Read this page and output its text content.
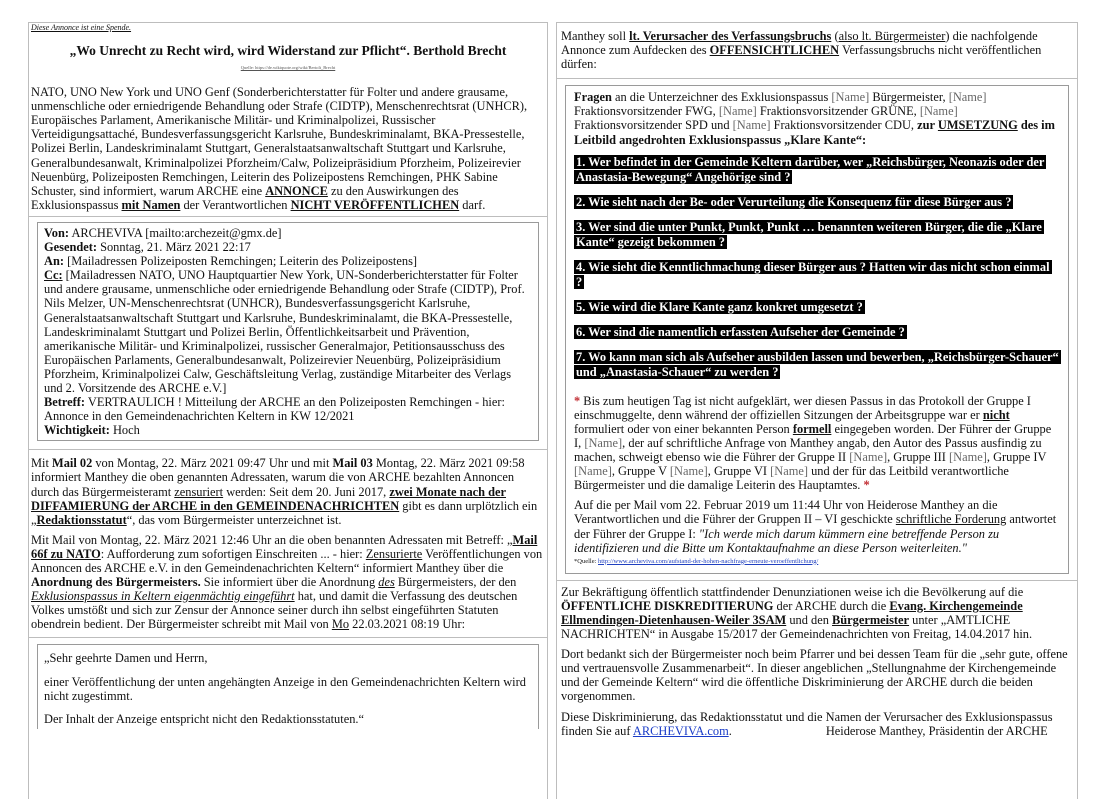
Diese Annonce ist eine Spende.
„Wo Unrecht zu Recht wird, wird Widerstand zur Pflicht“. Berthold Brecht
Quelle: https://de.wikiquote.org/wiki/Bertolt_Brecht

NATO, UNO New York und UNO Genf (Sonderberichterstatter für Folter und andere grausame, unmenschliche oder erniedrigende Behandlung oder Strafe (CIDTP), Menschenrechtsrat (UNHCR), Europäisches Parlament, Amerikanische Militär- und Kriminalpolizei, Russischer Verteidigungsattaché, Bundesverfassungsgericht Karlsruhe, Bundeskriminalamt, BKA-Pressestelle, Polizei Berlin, Landeskriminalamt Stuttgart, Generalstaatsanwaltschaft Stuttgart und Karlsruhe, Generalbundesanwalt, Kriminalpolizei Pforzheim/Calw, Polizeipräsidium Pforzheim, Polizeirevier Neuenbürg, Polizeiposten Remchingen, Leiterin des Polizeipostens Remchingen, PHK Sabine Schuster, sind informiert, warum ARCHE eine ANNONCE zu den Auswirkungen des Exklusionspassus mit Namen der Verantwortlichen NICHT VERÖFFENTLICHEN darf.

Von: ARCHEVIVA [mailto:archezeit@gmx.de]

Gesendet: Sonntag, 21. März 2021 22:17

An: [Mailadressen Polizeiposten Remchingen; Leiterin des Polizeipostens]

Cc: [Mailadressen NATO, UNO Hauptquartier New York, UN-Sonderberichterstatter für Folter und andere grausame, unmenschliche oder erniedrigende Behandlung oder Strafe (CIDTP), Prof. Nils Melzer, UN-Menschenrechtsrat (UNHCR), Bundesverfassungsgericht Karlsruhe, Generalstaatsanwaltschaft Stuttgart und Karlsruhe, Bundeskriminalamt, die BKA-Pressestelle, Landeskriminalamt Stuttgart und Polizei Berlin, Öffentlichkeitsarbeit und Prävention, amerikanische Militär- und Kriminalpolizei, russischer Generalmajor, Petitionsausschuss des Europäischen Parlaments, Generalbundesanwalt, Polizeirevier Neuenbürg, Polizeipräsidium Pforzheim, Kriminalpolizei Calw, Geschäftsleitung Verlag, zuständige Mitarbeiter des Verlags und 2. Vorsitzende des ARCHE e.V.]

Betreff: VERTRAULICH ! Mitteilung der ARCHE an den Polizeiposten Remchingen - hier: Annonce in den Gemeindenachrichten Keltern in KW 12/2021

Wichtigkeit: Hoch

Mit Mail 02 von Montag, 22. März 2021 09:47 Uhr und mit Mail 03 Montag, 22. März 2021 09:58 informiert Manthey die oben genannten Adressaten, warum die von ARCHE bezahlten Annoncen durch das Bürgermeisteramt zensuriert werden: Seit dem 20. Juni 2017, zwei Monate nach der DIFFAMIERUNG der ARCHE in den GEMEINDENACHRICHTEN gibt es dann urplötzlich ein „Redaktionsstatut“, das vom Bürgermeister unterzeichnet ist.

Mit Mail von Montag, 22. März 2021 12:46 Uhr an die oben benannten Adressaten mit Betreff: „Mail 66f zu NATO: Aufforderung zum sofortigen Einschreiten ... - hier: Zensurierte Veröffentlichungen von Annoncen des ARCHE e.V. in den Gemeindenachrichten Keltern“ informiert Manthey über die Anordnung des Bürgermeisters. Sie informiert über die Anordnung des Bürgermeisters, der den Exklusionspassus in Keltern eigenmächtig eingeführt hat, und damit die Verfassung des deutschen Volkes umstößt und sich zur Zensur der Annonce seiner durch ihn selbst eingeführten Statuten obendrein bedient. Der Bürgermeister schreibt mit Mail von Mo 22.03.2021 08:19 Uhr:

„Sehr geehrte Damen und Herrn,

einer Veröffentlichung der unten angehängten Anzeige in den Gemeindenachrichten Keltern wird nicht zugestimmt.

Der Inhalt der Anzeige entspricht nicht den Redaktionsstatuten.“

Manthey soll lt. Verursacher des Verfassungsbruchs (also lt. Bürgermeister) die nachfolgende Annonce zum Aufdecken des OFFENSICHTLICHEN Verfassungsbruchs nicht veröffentlichen dürfen:

Fragen an die Unterzeichner des Exklusionspassus [Name] Bürgermeister, [Name] Fraktionsvorsitzender FWG, [Name] Fraktionsvorsitzender GRÜNE, [Name] Fraktionsvorsitzender SPD und [Name] Fraktionsvorsitzender CDU, zur UMSETZUNG des im Leitbild angedrohten Exklusionspassus „Klare Kante“:

1. Wer befindet in der Gemeinde Keltern darüber, wer „Reichsbürger, Neonazis oder der Anastasia-Bewegung“ Angehörige sind ?

2. Wie sieht nach der Be- oder Verurteilung die Konsequenz für diese Bürger aus ?

3. Wer sind die unter Punkt, Punkt, Punkt … benannten weiteren Bürger, die die „Klare Kante“ gezeigt bekommen ?

4. Wie sieht die Kenntlichmachung dieser Bürger aus ? Hatten wir das nicht schon einmal ?

5. Wie wird die Klare Kante ganz konkret umgesetzt ?

6. Wer sind die namentlich erfassten Aufseher der Gemeinde ?

7. Wo kann man sich als Aufseher ausbilden lassen und bewerben, „Reichsbürger-Schauer“ und „Anastasia-Schauer“ zu werden ?

* Bis zum heutigen Tag ist nicht aufgeklärt, wer diesen Passus in das Protokoll der Gruppe I einschmuggelte, denn während der offiziellen Sitzungen der Arbeitsgruppe war er nicht formuliert oder von einer bekannten Person formell eingegeben worden. Der Führer der Gruppe I, [Name], der auf schriftliche Anfrage von Manthey angab, den Autor des Passus ausfindig zu machen, schweigt ebenso wie die Führer der Gruppe II [Name], Gruppe III [Name], Gruppe IV [Name], Gruppe V [Name], Gruppe VI [Name] und der für das Leitbild verantwortliche Bürgermeister und die damalige Leiterin des Hauptamtes. *

Auf die per Mail vom 22. Februar 2019 um 11:44 Uhr von Heiderose Manthey an die Verantwortlichen und die Führer der Gruppen II – VI geschickte schriftliche Forderung antwortet der Führer der Gruppe I: "Ich werde mich darum kümmern eine betreffende Person zu identifizieren und die Bitte um Kontaktaufnahme an diese Person weiterleiten."

*Quelle: http://www.archeviva.com/aufstand-der-hohen-nachfrage-erneute-veroeffentlichung/

Zur Bekräftigung öffentlich stattfindender Denunziationen weise ich die Bevölkerung auf die ÖFFENTLICHE DISKREDITIERUNG der ARCHE durch die Evang. Kirchengemeinde Ellmendingen-Dietenhausen-Weiler 3SAM und den Bürgermeister unter „AMTLICHE NACHRICHTEN“ in Ausgabe 15/2017 der Gemeindenachrichten von Freitag, 14.04.2017 hin.

Dort bedankt sich der Bürgermeister noch beim Pfarrer und bei dessen Team für die „sehr gute, offene und vertrauensvolle Zusammenarbeit“. In dieser angeblichen „Stellungnahme der Kirchengemeinde und der Gemeinde Keltern“ wird die öffentliche Diskriminierung der ARCHE durch die beiden vorgenommen.

Diese Diskriminierung, das Redaktionsstatut und die Namen der Verursacher des Exklusionspassus finden Sie auf ARCHEVIVA.com.	Heiderose Manthey, Präsidentin der ARCHE
